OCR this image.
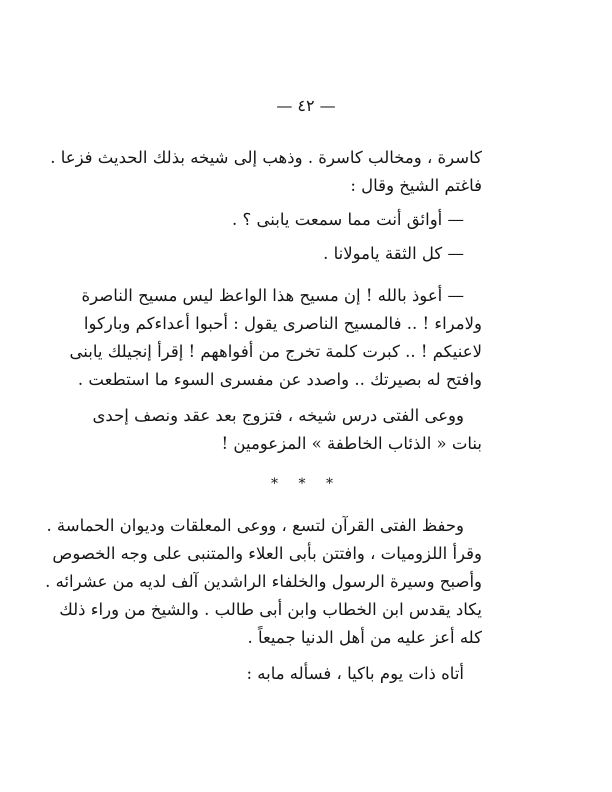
— ٤٢ —
كاسرة ، ومخالب كاسرة . وذهب إلى شيخه بذلك الحديث فزعا .
فاغتم الشيخ وقال :
— أوائق أنت مما سمعت يابنى ؟ .
— كل الثقة يامولانا .
— أعوذ بالله ! إن مسيح هذا الواعظ ليس مسيح الناصرة
ولامراء ! .. فالمسيح الناصرى يقول : أحبوا أعداءكم وباركوا
لاعنيكم ! .. كبرت كلمة تخرج من أفواههم ! إقرأ إنجيلك يابنى
وافتح له بصيرتك .. واصدد عن مفسرى السوء ما استطعت .
ووعى الفتى درس شيخه ، فتزوج بعد عقد ونصف إحدى
بنات « الذئاب الخاطفة » المزعومين !
* * *
وحفظ الفتى القرآن لتسع ، ووعى المعلقات وديوان الحماسة .
وقرأ اللزوميات ، وافتتن بأبى العلاء والمتنبى على وجه الخصوص
وأصبح وسيرة الرسول والخلفاء الراشدين آلف لديه من عشرائه .
يكاد يقدس ابن الخطاب وابن أبى طالب . والشيخ من وراء ذلك
كله أعز عليه من أهل الدنيا جميعاً .
أتاه ذات يوم باكيا ، فسأله مابه :
